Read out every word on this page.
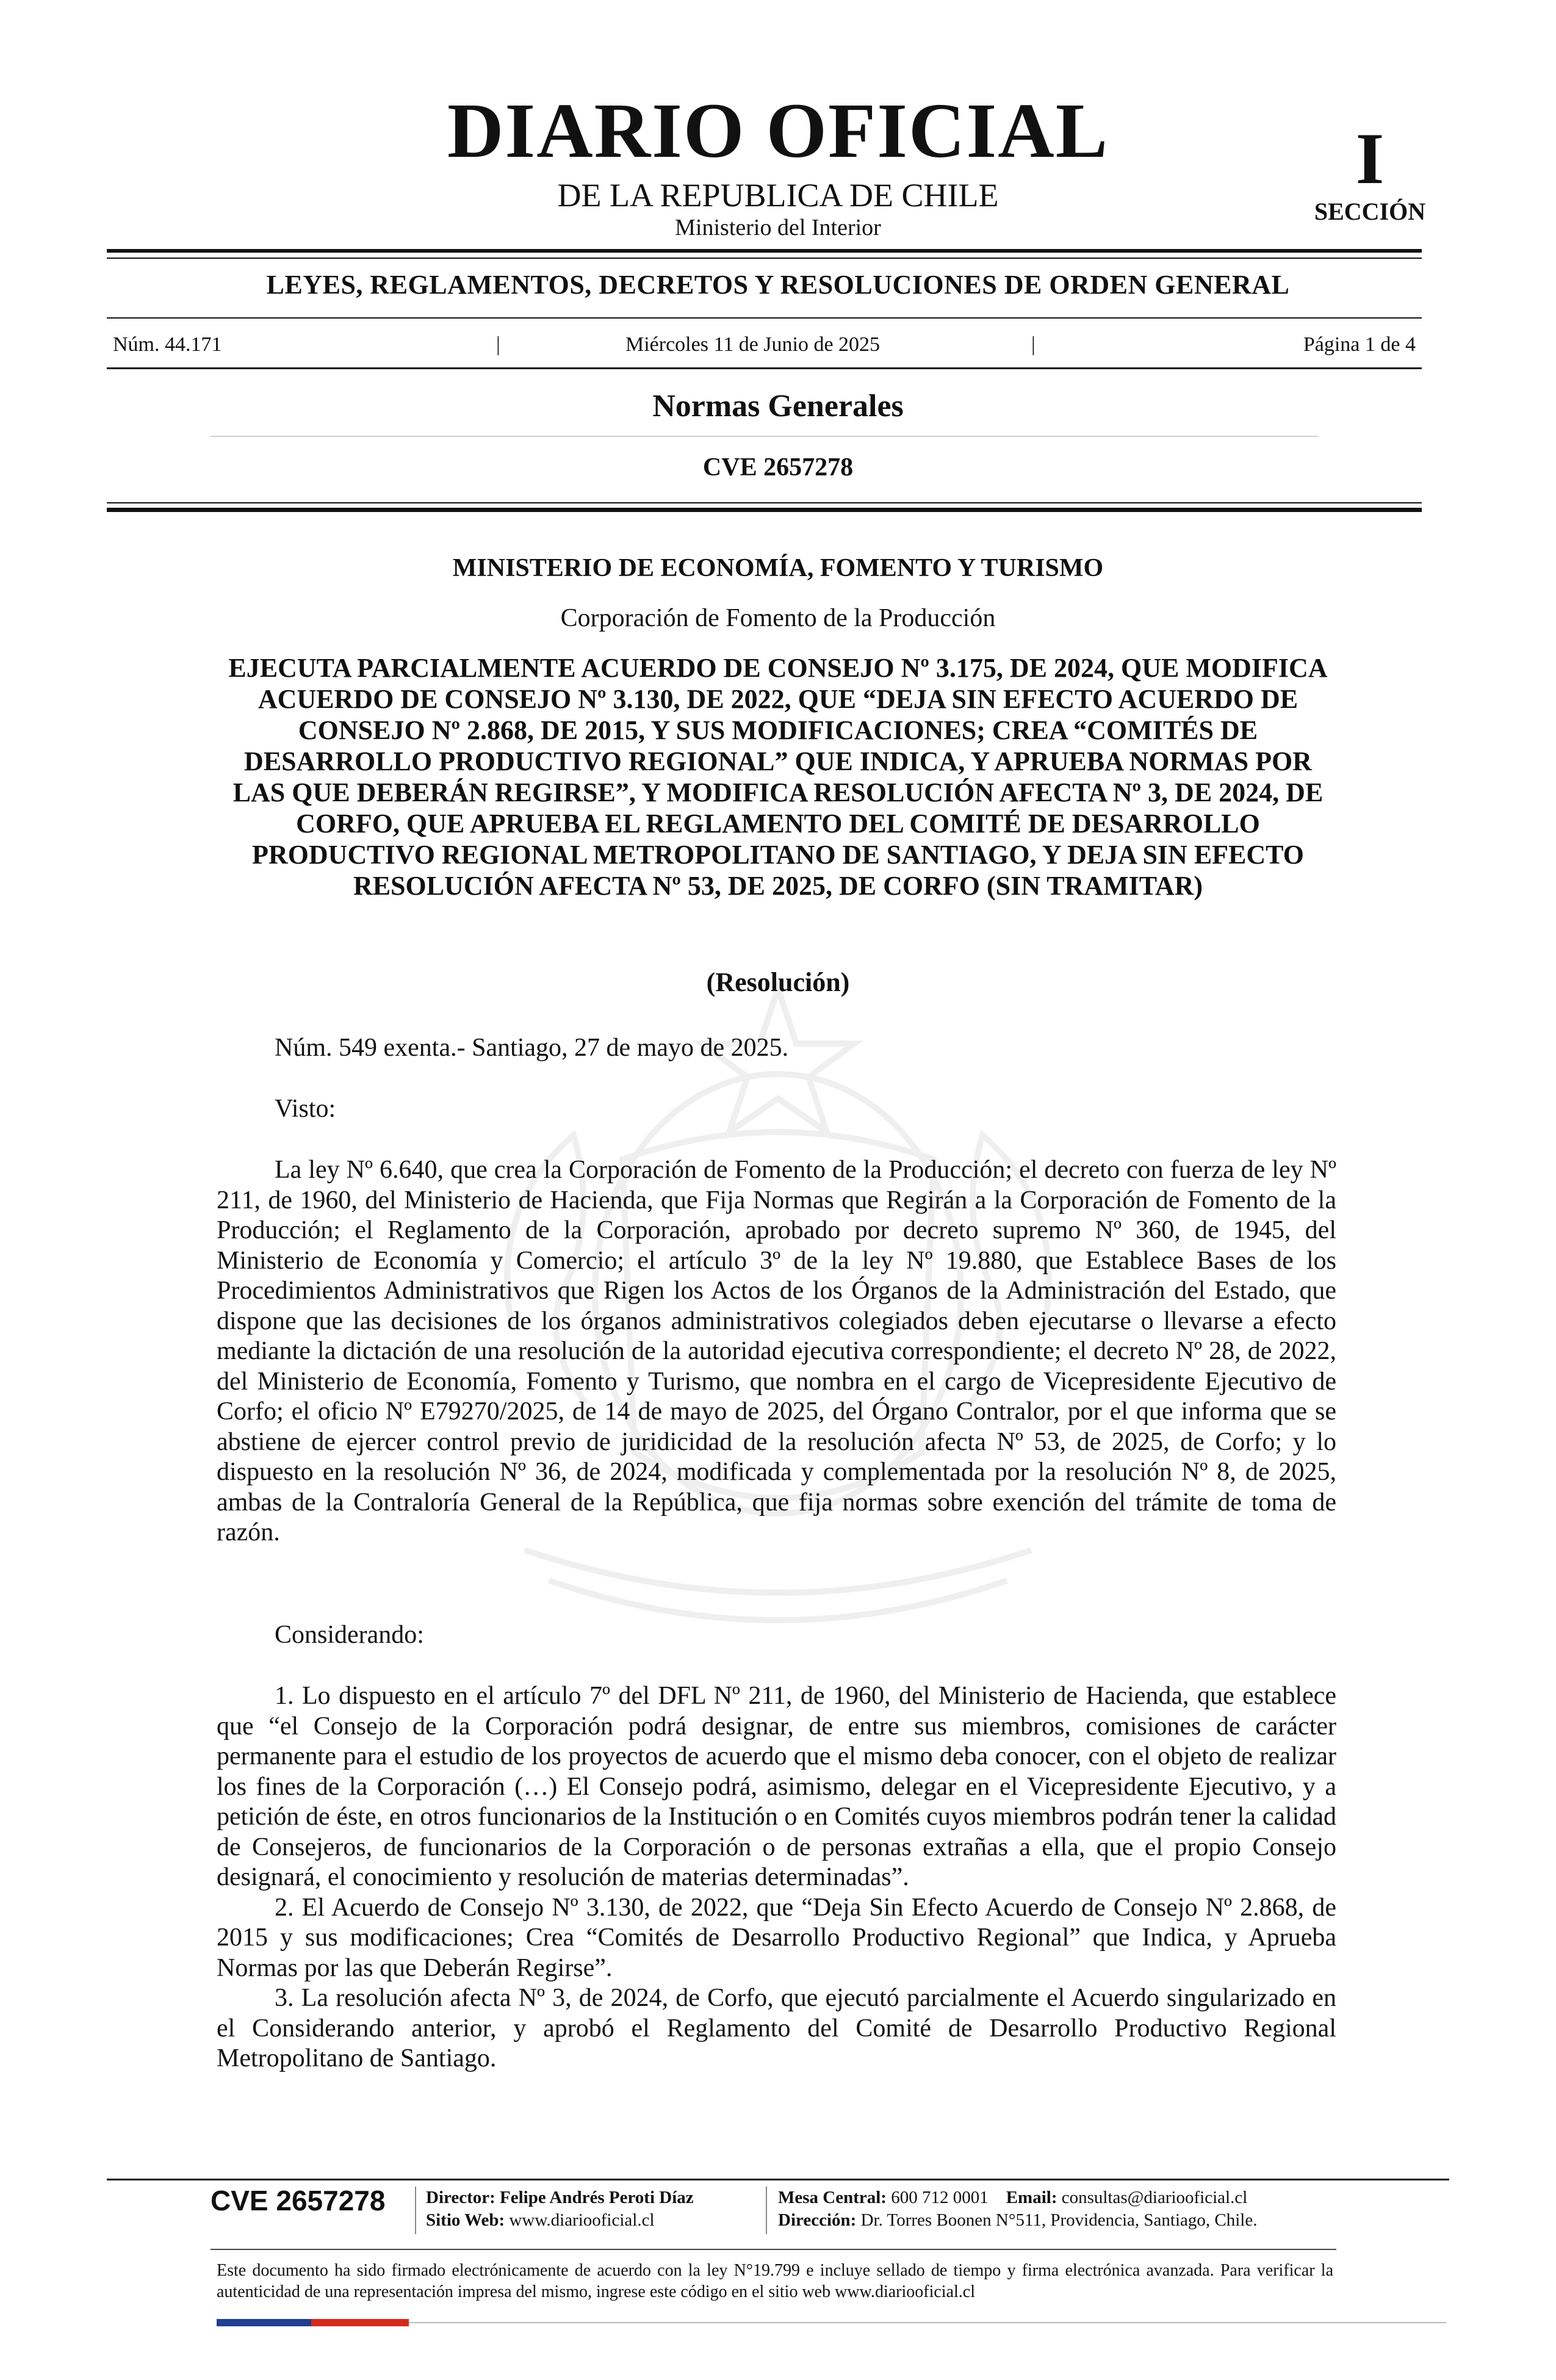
DIARIO OFICIAL
DE LA REPUBLICA DE CHILE
Ministerio del Interior
I
SECCIÓN
LEYES, REGLAMENTOS, DECRETOS Y RESOLUCIONES DE ORDEN GENERAL
Núm. 44.171	|	Miércoles 11 de Junio de 2025	|	Página 1 de 4
Normas Generales
CVE 2657278
MINISTERIO DE ECONOMÍA, FOMENTO Y TURISMO
Corporación de Fomento de la Producción
EJECUTA PARCIALMENTE ACUERDO DE CONSEJO Nº 3.175, DE 2024, QUE MODIFICA ACUERDO DE CONSEJO Nº 3.130, DE 2022, QUE “DEJA SIN EFECTO ACUERDO DE CONSEJO Nº 2.868, DE 2015, Y SUS MODIFICACIONES; CREA “COMITÉS DE DESARROLLO PRODUCTIVO REGIONAL” QUE INDICA, Y APRUEBA NORMAS POR LAS QUE DEBERÁN REGIRSE”, Y MODIFICA RESOLUCIÓN AFECTA Nº 3, DE 2024, DE CORFO, QUE APRUEBA EL REGLAMENTO DEL COMITÉ DE DESARROLLO PRODUCTIVO REGIONAL METROPOLITANO DE SANTIAGO, Y DEJA SIN EFECTO RESOLUCIÓN AFECTA Nº 53, DE 2025, DE CORFO (SIN TRAMITAR)
(Resolución)
Núm. 549 exenta.- Santiago, 27 de mayo de 2025.
Visto:
La ley Nº 6.640, que crea la Corporación de Fomento de la Producción; el decreto con fuerza de ley Nº 211, de 1960, del Ministerio de Hacienda, que Fija Normas que Regirán a la Corporación de Fomento de la Producción; el Reglamento de la Corporación, aprobado por decreto supremo Nº 360, de 1945, del Ministerio de Economía y Comercio; el artículo 3º de la ley Nº 19.880, que Establece Bases de los Procedimientos Administrativos que Rigen los Actos de los Órganos de la Administración del Estado, que dispone que las decisiones de los órganos administrativos colegiados deben ejecutarse o llevarse a efecto mediante la dictación de una resolución de la autoridad ejecutiva correspondiente; el decreto Nº 28, de 2022, del Ministerio de Economía, Fomento y Turismo, que nombra en el cargo de Vicepresidente Ejecutivo de Corfo; el oficio Nº E79270/2025, de 14 de mayo de 2025, del Órgano Contralor, por el que informa que se abstiene de ejercer control previo de juridicidad de la resolución afecta Nº 53, de 2025, de Corfo; y lo dispuesto en la resolución Nº 36, de 2024, modificada y complementada por la resolución Nº 8, de 2025, ambas de la Contraloría General de la República, que fija normas sobre exención del trámite de toma de razón.
Considerando:

1. Lo dispuesto en el artículo 7º del DFL Nº 211, de 1960, del Ministerio de Hacienda, que establece que “el Consejo de la Corporación podrá designar, de entre sus miembros, comisiones de carácter permanente para el estudio de los proyectos de acuerdo que el mismo deba conocer, con el objeto de realizar los fines de la Corporación (…) El Consejo podrá, asimismo, delegar en el Vicepresidente Ejecutivo, y a petición de éste, en otros funcionarios de la Institución o en Comités cuyos miembros podrán tener la calidad de Consejeros, de funcionarios de la Corporación o de personas extrañas a ella, que el propio Consejo designará, el conocimiento y resolución de materias determinadas”.

2. El Acuerdo de Consejo Nº 3.130, de 2022, que “Deja Sin Efecto Acuerdo de Consejo Nº 2.868, de 2015 y sus modificaciones; Crea “Comités de Desarrollo Productivo Regional” que Indica, y Aprueba Normas por las que Deberán Regirse”.

3. La resolución afecta Nº 3, de 2024, de Corfo, que ejecutó parcialmente el Acuerdo singularizado en el Considerando anterior, y aprobó el Reglamento del Comité de Desarrollo Productivo Regional Metropolitano de Santiago.

CVE 2657278 Director: Felipe Andrés Peroti Díaz
Sitio Web: www.diariooficial.cl
Mesa Central: 600 712 0001 Email: consultas@diariooficial.cl
Dirección: Dr. Torres Boonen N°511, Providencia, Santiago, Chile.
Este documento ha sido firmado electrónicamente de acuerdo con la ley N°19.799 e incluye sellado de tiempo y firma electrónica avanzada. Para verificar la autenticidad de una representación impresa del mismo, ingrese este código en el sitio web www.diariooficial.cl
